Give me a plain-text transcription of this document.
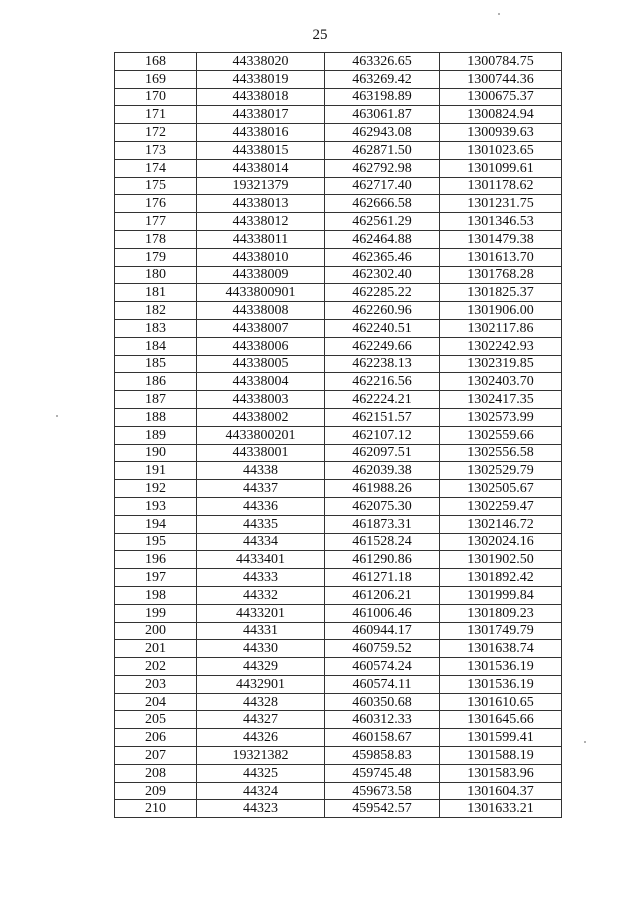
25
168	44338020	463326.65	1300784.75
169	44338019	463269.42	1300744.36
170	44338018	463198.89	1300675.37
171	44338017	463061.87	1300824.94
172	44338016	462943.08	1300939.63
173	44338015	462871.50	1301023.65
174	44338014	462792.98	1301099.61
175	19321379	462717.40	1301178.62
176	44338013	462666.58	1301231.75
177	44338012	462561.29	1301346.53
178	44338011	462464.88	1301479.38
179	44338010	462365.46	1301613.70
180	44338009	462302.40	1301768.28
181	4433800901	462285.22	1301825.37
182	44338008	462260.96	1301906.00
183	44338007	462240.51	1302117.86
184	44338006	462249.66	1302242.93
185	44338005	462238.13	1302319.85
186	44338004	462216.56	1302403.70
187	44338003	462224.21	1302417.35
188	44338002	462151.57	1302573.99
189	4433800201	462107.12	1302559.66
190	44338001	462097.51	1302556.58
191	44338	462039.38	1302529.79
192	44337	461988.26	1302505.67
193	44336	462075.30	1302259.47
194	44335	461873.31	1302146.72
195	44334	461528.24	1302024.16
196	4433401	461290.86	1301902.50
197	44333	461271.18	1301892.42
198	44332	461206.21	1301999.84
199	4433201	461006.46	1301809.23
200	44331	460944.17	1301749.79
201	44330	460759.52	1301638.74
202	44329	460574.24	1301536.19
203	4432901	460574.11	1301536.19
204	44328	460350.68	1301610.65
205	44327	460312.33	1301645.66
206	44326	460158.67	1301599.41
207	19321382	459858.83	1301588.19
208	44325	459745.48	1301583.96
209	44324	459673.58	1301604.37
210	44323	459542.57	1301633.21
